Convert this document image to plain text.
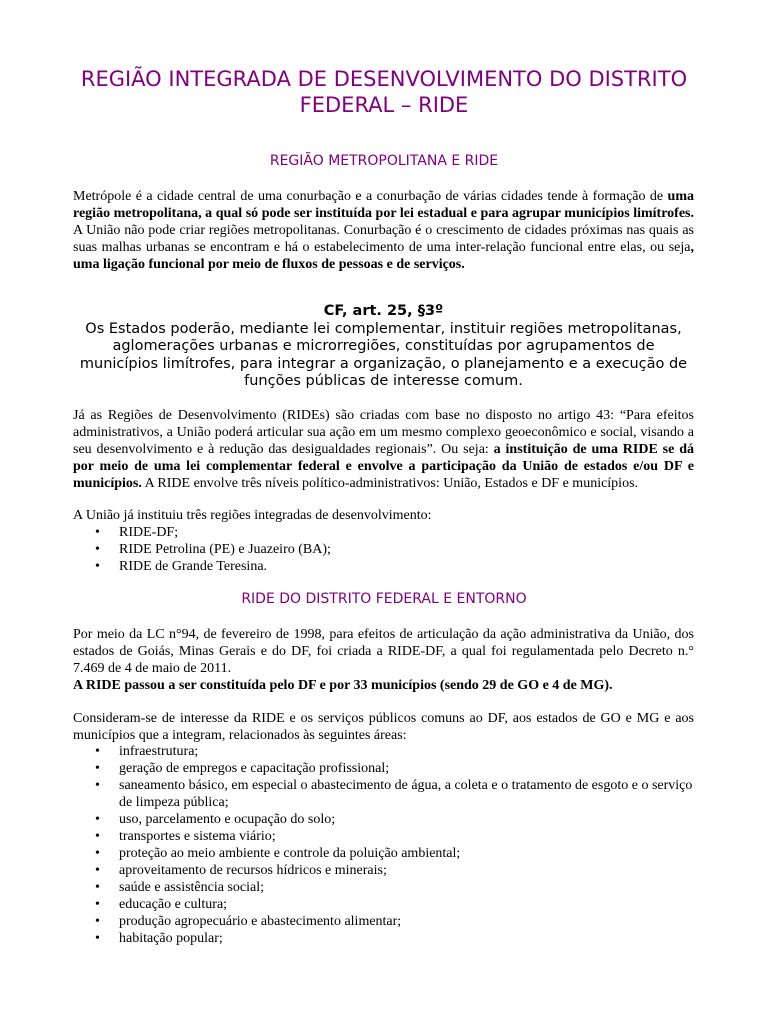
REGIÃO INTEGRADA DE DESENVOLVIMENTO DO DISTRITO FEDERAL – RIDE
REGIÃO METROPOLITANA E RIDE
Metrópole é a cidade central de uma conurbação e a conurbação de várias cidades tende à formação de uma região metropolitana, a qual só pode ser instituída por lei estadual e para agrupar municípios limítrofes. A União não pode criar regiões metropolitanas. Conurbação é o crescimento de cidades próximas nas quais as suas malhas urbanas se encontram e há o estabelecimento de uma inter-relação funcional entre elas, ou seja, uma ligação funcional por meio de fluxos de pessoas e de serviços.
CF, art. 25, §3º
Os Estados poderão, mediante lei complementar, instituir regiões metropolitanas, aglomerações urbanas e microrregiões, constituídas por agrupamentos de municípios limítrofes, para integrar a organização, o planejamento e a execução de funções públicas de interesse comum.
Já as Regiões de Desenvolvimento (RIDEs) são criadas com base no disposto no artigo 43: “Para efeitos administrativos, a União poderá articular sua ação em um mesmo complexo geoeconômico e social, visando a seu desenvolvimento e à redução das desigualdades regionais”. Ou seja: a instituição de uma RIDE se dá por meio de uma lei complementar federal e envolve a participação da União de estados e/ou DF e municípios. A RIDE envolve três níveis político-administrativos: União, Estados e DF e municípios.
A União já instituiu três regiões integradas de desenvolvimento:
• RIDE-DF;
• RIDE Petrolina (PE) e Juazeiro (BA);
• RIDE de Grande Teresina.
RIDE DO DISTRITO FEDERAL E ENTORNO
Por meio da LC n°94, de fevereiro de 1998, para efeitos de articulação da ação administrativa da União, dos estados de Goiás, Minas Gerais e do DF, foi criada a RIDE-DF, a qual foi regulamentada pelo Decreto n.° 7.469 de 4 de maio de 2011.
A RIDE passou a ser constituída pelo DF e por 33 municípios (sendo 29 de GO e 4 de MG).
Consideram-se de interesse da RIDE e os serviços públicos comuns ao DF, aos estados de GO e MG e aos municípios que a integram, relacionados às seguintes áreas:
• infraestrutura;
• geração de empregos e capacitação profissional;
• saneamento básico, em especial o abastecimento de água, a coleta e o tratamento de esgoto e o serviço de limpeza pública;
• uso, parcelamento e ocupação do solo;
• transportes e sistema viário;
• proteção ao meio ambiente e controle da poluição ambiental;
• aproveitamento de recursos hídricos e minerais;
• saúde e assistência social;
• educação e cultura;
• produção agropecuário e abastecimento alimentar;
• habitação popular;
